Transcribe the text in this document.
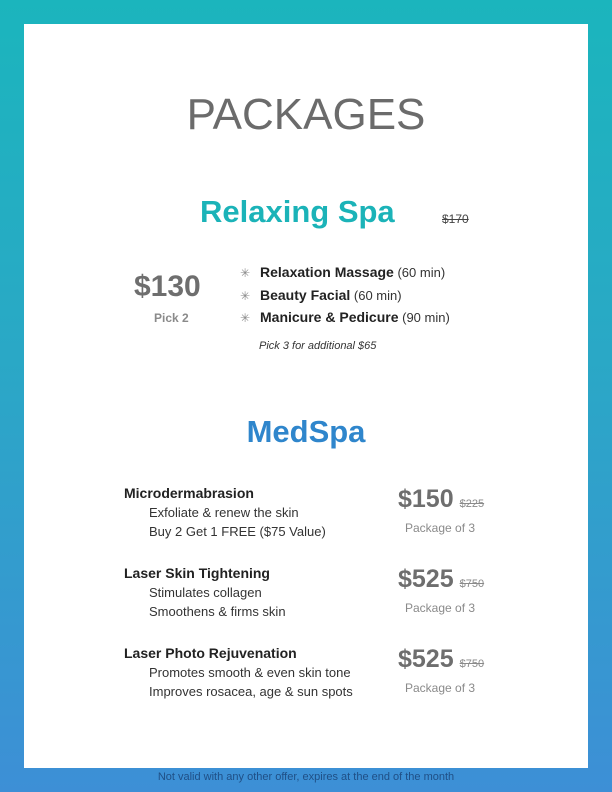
PACKAGES
Relaxing Spa	$170
$130
Pick 2
✳ Relaxation Massage (60 min)
✳ Beauty Facial (60 min)
✳ Manicure & Pedicure (90 min)
Pick 3 for additional $65
MedSpa
Microdermabrasion
Exfoliate & renew the skin
Buy 2 Get 1 FREE ($75 Value)
$150 $225
Package of 3
Laser Skin Tightening
Stimulates collagen
Smoothens & firms skin
$525 $750
Package of 3
Laser Photo Rejuvenation
Promotes smooth & even skin tone
Improves rosacea, age & sun spots
$525 $750
Package of 3
Not valid with any other offer, expires at the end of the month
